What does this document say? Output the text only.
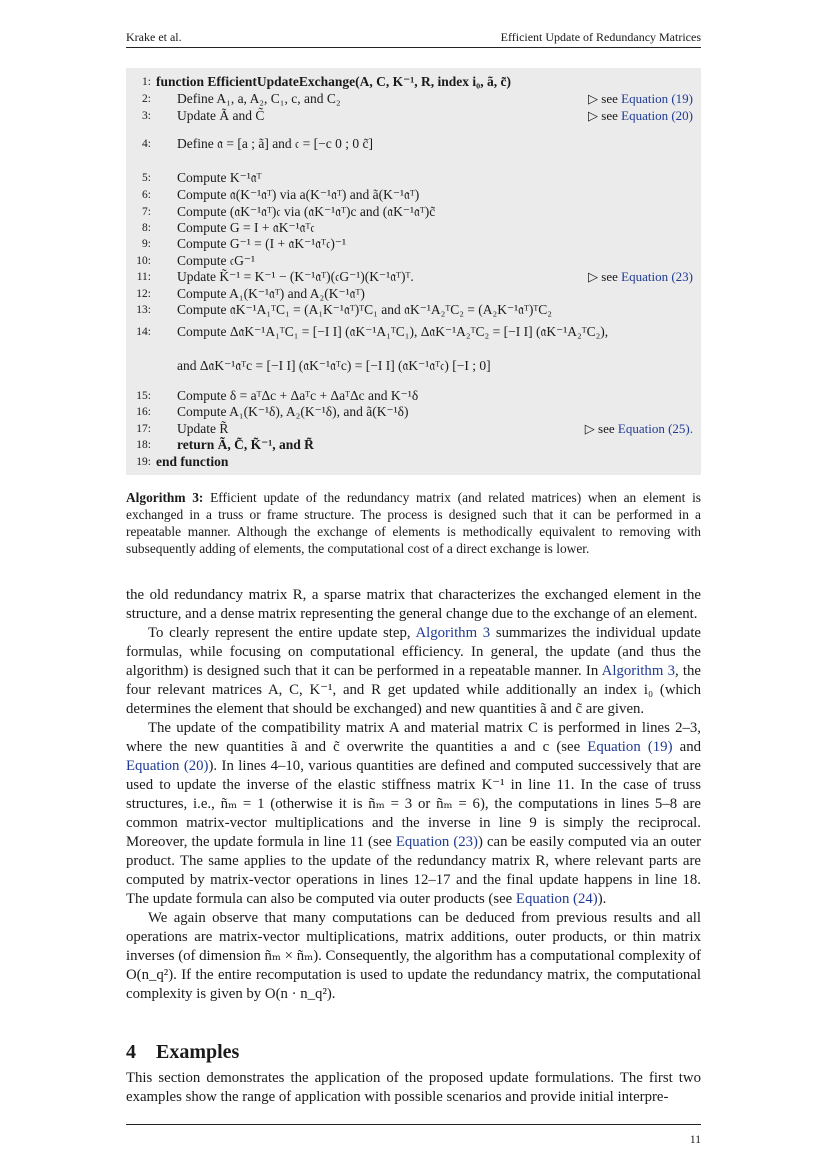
Krake et al.	Efficient Update of Redundancy Matrices
1: function EfficientUpdateExchange(A, C, K⁻¹, R, index i₀, ã, c̃)
2: Define A₁, a, A₂, C₁, c, and C₂	▷ see Equation (19)
3: Update Ã and C̃	▷ see Equation (20)
4: Define 𝔞 = [a ; ã] and 𝔠 = [−c 0 ; 0 c̃]
5: Compute K⁻¹𝔞ᵀ
6: Compute 𝔞(K⁻¹𝔞ᵀ) via a(K⁻¹𝔞ᵀ) and ã(K⁻¹𝔞ᵀ)
7: Compute (𝔞K⁻¹𝔞ᵀ)𝔠 via (𝔞K⁻¹𝔞ᵀ)c and (𝔞K⁻¹𝔞ᵀ)c̃
8: Compute G = I + 𝔞K⁻¹𝔞ᵀ𝔠
9: Compute G⁻¹ = (I + 𝔞K⁻¹𝔞ᵀ𝔠)⁻¹
10: Compute 𝔠G⁻¹
11: Update K̃⁻¹ = K⁻¹ − (K⁻¹𝔞ᵀ)(𝔠G⁻¹)(K⁻¹𝔞ᵀ)ᵀ.	▷ see Equation (23)
12: Compute A₁(K⁻¹𝔞ᵀ) and A₂(K⁻¹𝔞ᵀ)
13: Compute 𝔞K⁻¹A₁ᵀC₁ = (A₁K⁻¹𝔞ᵀ)ᵀC₁ and 𝔞K⁻¹A₂ᵀC₂ = (A₂K⁻¹𝔞ᵀ)ᵀC₂
14: Compute Δ𝔞K⁻¹A₁ᵀC₁ = [−I I] (𝔞K⁻¹A₁ᵀC₁), Δ𝔞K⁻¹A₂ᵀC₂ = [−I I] (𝔞K⁻¹A₂ᵀC₂),
and Δ𝔞K⁻¹𝔞ᵀc = [−I I] (𝔞K⁻¹𝔞ᵀc) = [−I I] (𝔞K⁻¹𝔞ᵀ𝔠) [−I ; 0]
15: Compute δ = aᵀΔc + Δaᵀc + ΔaᵀΔc and K⁻¹δ
16: Compute A₁(K⁻¹δ), A₂(K⁻¹δ), and ã(K⁻¹δ)
17: Update R̃	▷ see Equation (25).
18: return Ã, C̃, K̃⁻¹, and R̃
19: end function
Algorithm 3: Efficient update of the redundancy matrix (and related matrices) when an element is exchanged in a truss or frame structure. The process is designed such that it can be performed in a repeatable manner. Although the exchange of elements is methodically equivalent to removing with subsequently adding of elements, the computational cost of a direct exchange is lower.

the old redundancy matrix R, a sparse matrix that characterizes the exchanged element in the structure, and a dense matrix representing the general change due to the exchange of an element.

To clearly represent the entire update step, Algorithm 3 summarizes the individual update formulas, while focusing on computational efficiency. In general, the update (and thus the algorithm) is designed such that it can be performed in a repeatable manner. In Algorithm 3, the four relevant matrices A, C, K⁻¹, and R get updated while additionally an index i₀ (which determines the element that should be exchanged) and new quantities ã and c̃ are given.

The update of the compatibility matrix A and material matrix C is performed in lines 2–3, where the new quantities ã and c̃ overwrite the quantities a and c (see Equation (19) and Equation (20)). In lines 4–10, various quantities are defined and computed successively that are used to update the inverse of the elastic stiffness matrix K⁻¹ in line 11. In the case of truss structures, i.e., ñₘ = 1 (otherwise it is ñₘ = 3 or ñₘ = 6), the computations in lines 5–8 are common matrix-vector multiplications and the inverse in line 9 is simply the reciprocal. Moreover, the update formula in line 11 (see Equation (23)) can be easily computed via an outer product. The same applies to the update of the redundancy matrix R, where relevant parts are computed by matrix-vector operations in lines 12–17 and the final update happens in line 18. The update formula can also be computed via outer products (see Equation (24)).

We again observe that many computations can be deduced from previous results and all operations are matrix-vector multiplications, matrix additions, outer products, or thin matrix inverses (of dimension ñₘ × ñₘ). Consequently, the algorithm has a computational complexity of O(n_q²). If the entire recomputation is used to update the redundancy matrix, the computational complexity is given by O(n · n_q²).

4 Examples
This section demonstrates the application of the proposed update formulations. The first two examples show the range of application with possible scenarios and provide initial interpre-
11
